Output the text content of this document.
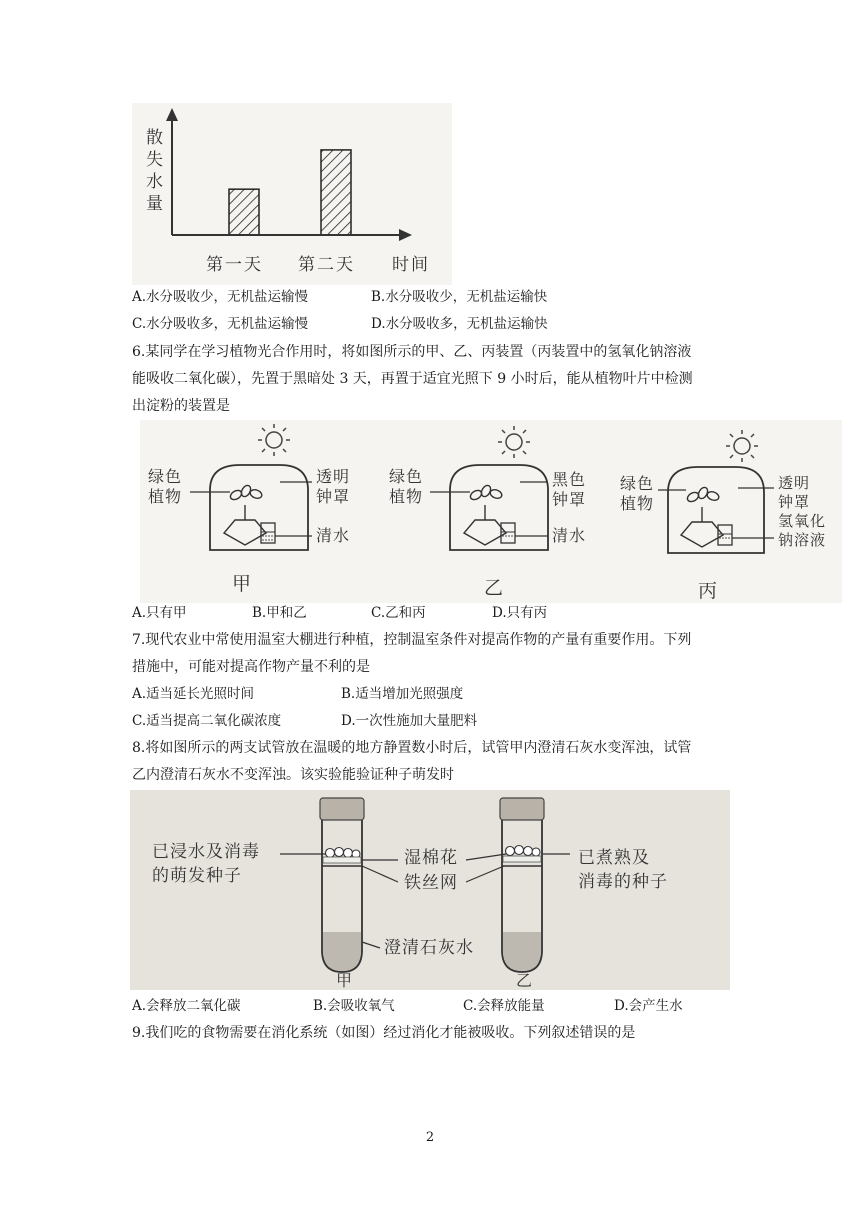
散
失
水
量
第一天 第二天 时间
A.水分吸收少，无机盐运输慢	B.水分吸收少，无机盐运输快
C.水分吸收多，无机盐运输慢	D.水分吸收多，无机盐运输快
6.某同学在学习植物光合作用时，将如图所示的甲、乙、丙装置（丙装置中的氢氧化钠溶液
能吸收二氧化碳），先置于黑暗处 3 天，再置于适宜光照下 9 小时后，能从植物叶片中检测
出淀粉的装置是
绿色
植物
透明
钟罩
清水
甲
绿色
植物
黑色
钟罩
清水
乙
绿色
植物
透明
钟罩
氢氧化
钠溶液
丙
A.只有甲	B.甲和乙	C.乙和丙	D.只有丙
7.现代农业中常使用温室大棚进行种植，控制温室条件对提高作物的产量有重要作用。下列
措施中，可能对提高作物产量不利的是
A.适当延长光照时间	B.适当增加光照强度
C.适当提高二氧化碳浓度	D.一次性施加大量肥料
8.将如图所示的两支试管放在温暖的地方静置数小时后，试管甲内澄清石灰水变浑浊，试管
乙内澄清石灰水不变浑浊。该实验能验证种子萌发时
已浸水及消毒
的萌发种子
湿棉花
铁丝网
澄清石灰水
已煮熟及
消毒的种子
甲	乙
A.会释放二氧化碳	B.会吸收氧气	C.会释放能量	D.会产生水
9.我们吃的食物需要在消化系统（如图）经过消化才能被吸收。下列叙述错误的是
2
